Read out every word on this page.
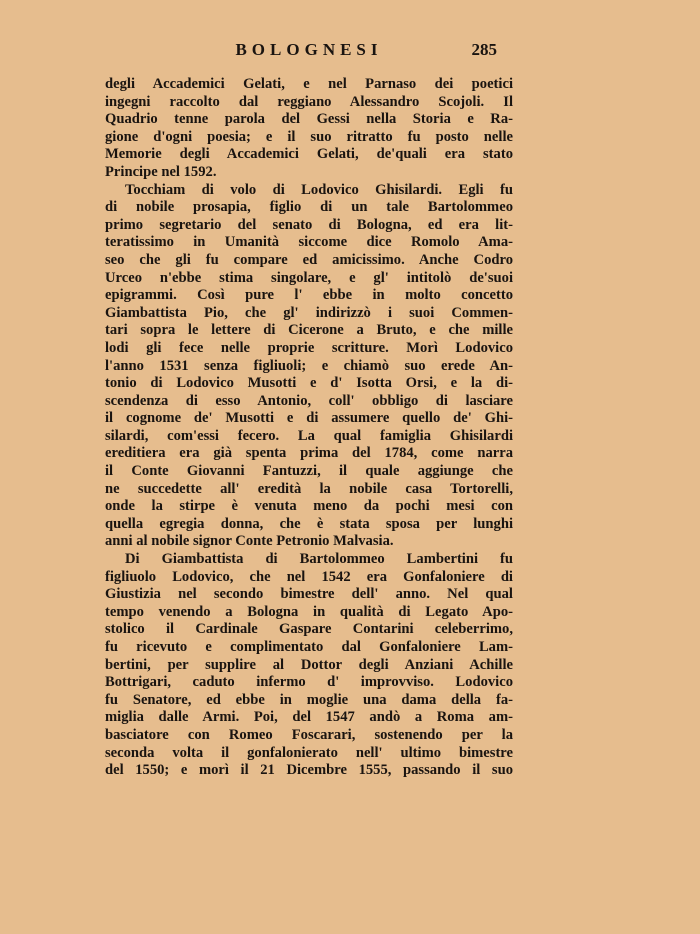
BOLOGNESI	285
degli Accademici Gelati, e nel Parnaso dei poetici
ingegni raccolto dal reggiano Alessandro Scojoli. Il
Quadrio tenne parola del Gessi nella Storia e Ra-
gione d'ogni poesia; e il suo ritratto fu posto nelle
Memorie degli Accademici Gelati, de'quali era stato
Principe nel 1592.
Tocchiam di volo di Lodovico Ghisilardi. Egli fu
di nobile prosapia, figlio di un tale Bartolommeo
primo segretario del senato di Bologna, ed era lit-
teratissimo in Umanità siccome dice Romolo Ama-
seo che gli fu compare ed amicissimo. Anche Codro
Urceo n'ebbe stima singolare, e gl' intitolò de'suoi
epigrammi. Così pure l' ebbe in molto concetto
Giambattista Pio, che gl' indirizzò i suoi Commen-
tari sopra le lettere di Cicerone a Bruto, e che mille
lodi gli fece nelle proprie scritture. Morì Lodovico
l'anno 1531 senza figliuoli; e chiamò suo erede An-
tonio di Lodovico Musotti e d' Isotta Orsi, e la di-
scendenza di esso Antonio, coll' obbligo di lasciare
il cognome de' Musotti e di assumere quello de' Ghi-
silardi, com'essi fecero. La qual famiglia Ghisilardi
ereditiera era già spenta prima del 1784, come narra
il Conte Giovanni Fantuzzi, il quale aggiunge che
ne succedette all' eredità la nobile casa Tortorelli,
onde la stirpe è venuta meno da pochi mesi con
quella egregia donna, che è stata sposa per lunghi
anni al nobile signor Conte Petronio Malvasia.
Di Giambattista di Bartolommeo Lambertini fu
figliuolo Lodovico, che nel 1542 era Gonfaloniere di
Giustizia nel secondo bimestre dell' anno. Nel qual
tempo venendo a Bologna in qualità di Legato Apo-
stolico il Cardinale Gaspare Contarini celeberrimo,
fu ricevuto e complimentato dal Gonfaloniere Lam-
bertini, per supplire al Dottor degli Anziani Achille
Bottrigari, caduto infermo d' improvviso. Lodovico
fu Senatore, ed ebbe in moglie una dama della fa-
miglia dalle Armi. Poi, del 1547 andò a Roma am-
basciatore con Romeo Foscarari, sostenendo per la
seconda volta il gonfalonierato nell' ultimo bimestre
del 1550; e morì il 21 Dicembre 1555, passando il suo
